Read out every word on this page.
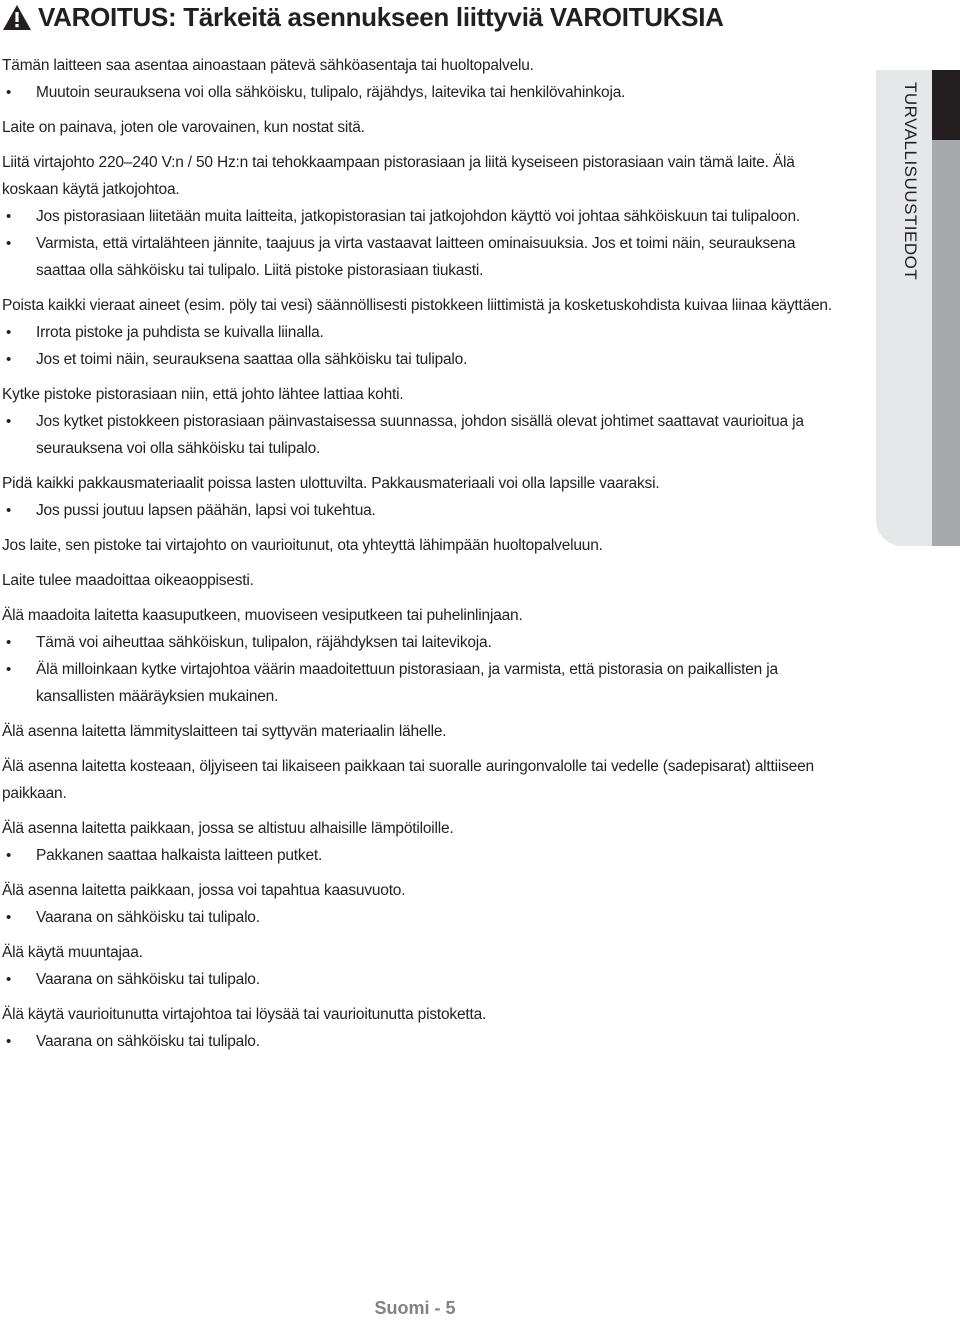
VAROITUS: Tärkeitä asennukseen liittyviä VAROITUKSIA

Tämän laitteen saa asentaa ainoastaan pätevä sähköasentaja tai huoltopalvelu.

• Muutoin seurauksena voi olla sähköisku, tulipalo, räjähdys, laitevika tai henkilövahinkoja.

Laite on painava, joten ole varovainen, kun nostat sitä.

Liitä virtajohto 220–240 V:n / 50 Hz:n tai tehokkaampaan pistorasiaan ja liitä kyseiseen pistorasiaan vain tämä laite. Älä koskaan käytä jatkojohtoa.

• Jos pistorasiaan liitetään muita laitteita, jatkopistorasian tai jatkojohdon käyttö voi johtaa sähköiskuun tai tulipaloon.
• Varmista, että virtalähteen jännite, taajuus ja virta vastaavat laitteen ominaisuuksia. Jos et toimi näin, seurauksena saattaa olla sähköisku tai tulipalo. Liitä pistoke pistorasiaan tiukasti.

Poista kaikki vieraat aineet (esim. pöly tai vesi) säännöllisesti pistokkeen liittimistä ja kosketuskohdista kuivaa liinaa käyttäen.

• Irrota pistoke ja puhdista se kuivalla liinalla.
• Jos et toimi näin, seurauksena saattaa olla sähköisku tai tulipalo.

Kytke pistoke pistorasiaan niin, että johto lähtee lattiaa kohti.

• Jos kytket pistokkeen pistorasiaan päinvastaisessa suunnassa, johdon sisällä olevat johtimet saattavat vaurioitua ja seurauksena voi olla sähköisku tai tulipalo.

Pidä kaikki pakkausmateriaalit poissa lasten ulottuvilta. Pakkausmateriaali voi olla lapsille vaaraksi.

• Jos pussi joutuu lapsen päähän, lapsi voi tukehtua.

Jos laite, sen pistoke tai virtajohto on vaurioitunut, ota yhteyttä lähimpään huoltopalveluun.

Laite tulee maadoittaa oikeaoppisesti.

Älä maadoita laitetta kaasuputkeen, muoviseen vesiputkeen tai puhelinlinjaan.

• Tämä voi aiheuttaa sähköiskun, tulipalon, räjähdyksen tai laitevikoja.
• Älä milloinkaan kytke virtajohtoa väärin maadoitettuun pistorasiaan, ja varmista, että pistorasia on paikallisten ja kansallisten määräyksien mukainen.

Älä asenna laitetta lämmityslaitteen tai syttyvän materiaalin lähelle.

Älä asenna laitetta kosteaan, öljyiseen tai likaiseen paikkaan tai suoralle auringonvalolle tai vedelle (sadepisarat) alttiiseen paikkaan.

Älä asenna laitetta paikkaan, jossa se altistuu alhaisille lämpötiloille.

• Pakkanen saattaa halkaista laitteen putket.

Älä asenna laitetta paikkaan, jossa voi tapahtua kaasuvuoto.

• Vaarana on sähköisku tai tulipalo.

Älä käytä muuntajaa.

• Vaarana on sähköisku tai tulipalo.

Älä käytä vaurioitunutta virtajohtoa tai löysää tai vaurioitunutta pistoketta.

• Vaarana on sähköisku tai tulipalo.
TURVALLISUUSTIEDOT
Suomi - 5
